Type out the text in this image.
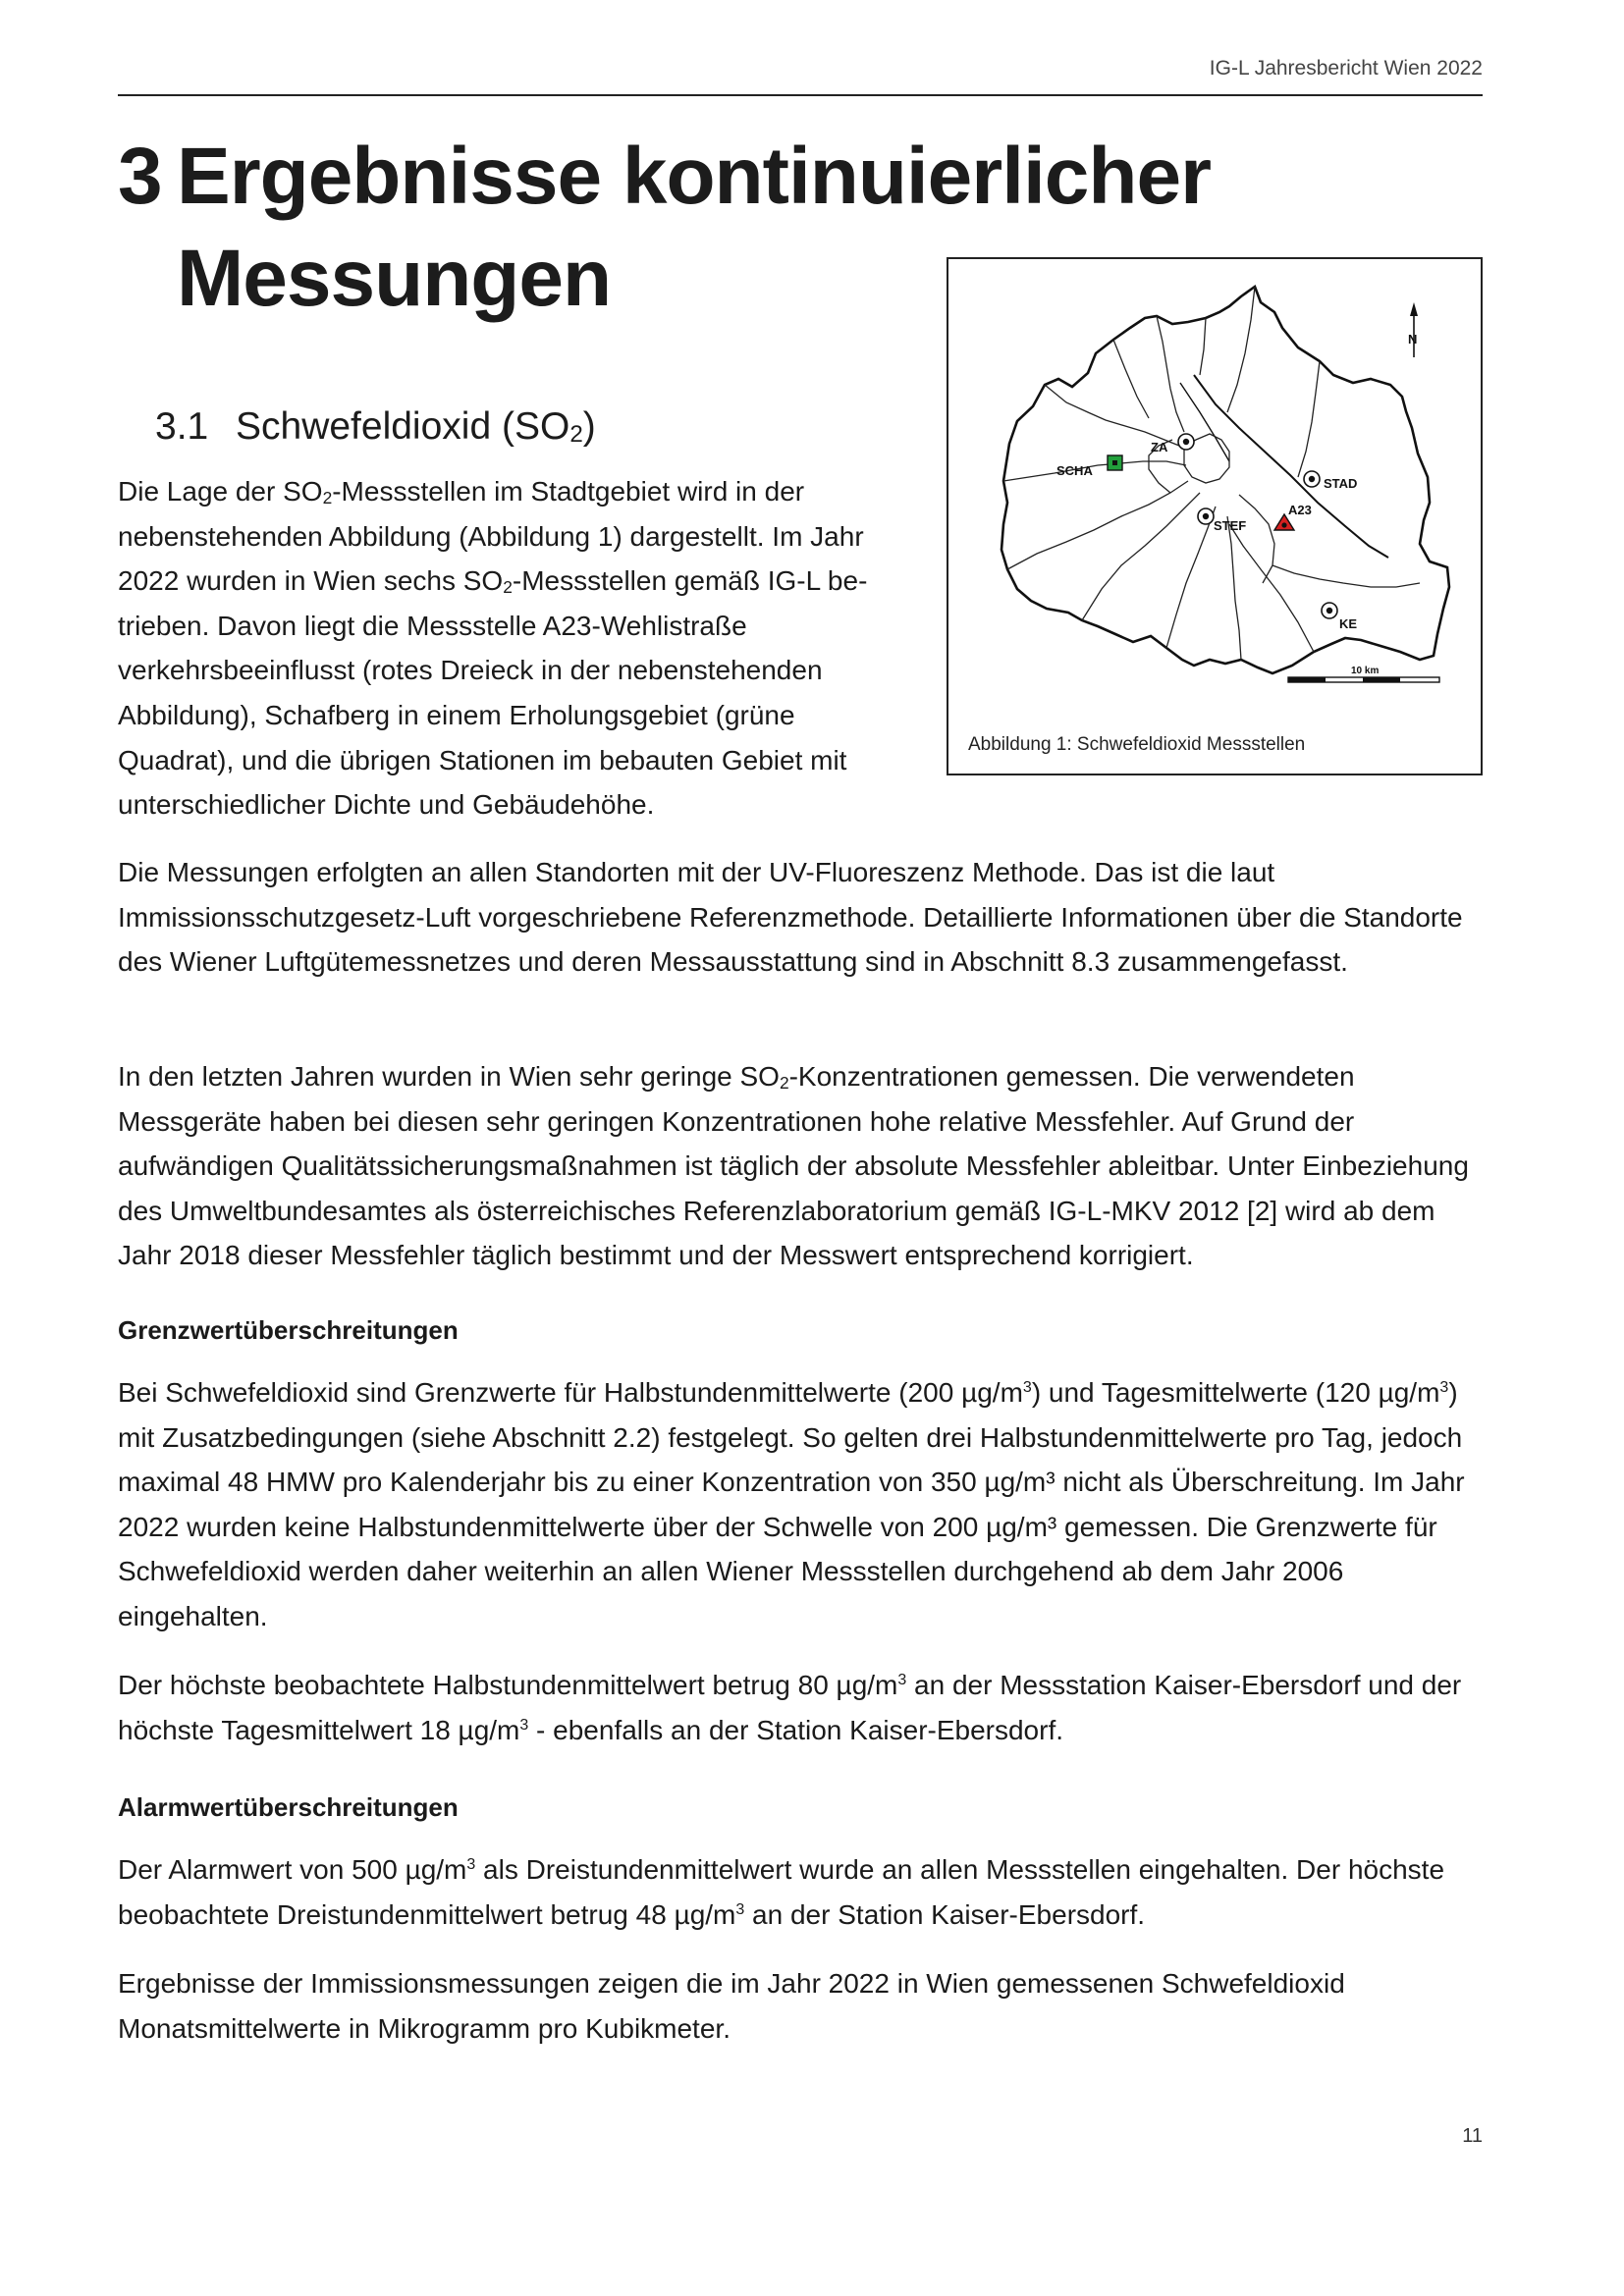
IG-L Jahresbericht Wien 2022
3 Ergebnisse kontinuierlicher
Messungen
3.1 Schwefeldioxid $(SO_2)$
Die Lage der $SO_2$-Messstellen im Stadtgebiet wird in der nebenstehenden Abbildung (Abbildung 1) dargestellt. Im Jahr 2022 wurden in Wien sechs $SO_2$-Messstellen gemäß IG-L betrieben. Davon liegt die Messstelle A23-Wehlistraße verkehrsbeeinflusst (rotes Dreieck in der nebenstehenden Abbildung), Schafberg in einem Erholungsgebiet (grüne Quadrat), und die übrigen Stationen im bebauten Gebiet mit unterschiedlicher Dichte und Gebäudehöhe.
N
10 km
ZA
SCHA
STAD
STEF
A23
KE
Abbildung 1: Schwefeldioxid Messstellen
Die Messungen erfolgten an allen Standorten mit der UV-Fluoreszenz Methode. Das ist die laut Immissionsschutzgesetz-Luft vorgeschriebene Referenzmethode. Detaillierte Informationen über die Standorte des Wiener Luftgütemessnetzes und deren Messausstattung sind in Abschnitt 8.3 zusammengefasst.
In den letzten Jahren wurden in Wien sehr geringe $SO_2$-Konzentrationen gemessen. Die verwendeten Messgeräte haben bei diesen sehr geringen Konzentrationen hohe relative Messfehler. Auf Grund der aufwändigen Qualitätssicherungsmaßnahmen ist täglich der absolute Messfehler ableitbar. Unter Einbeziehung des Umweltbundesamtes als österreichisches Referenzlaboratorium gemäß IG-L-MKV 2012 [2] wird ab dem Jahr 2018 dieser Messfehler täglich bestimmt und der Messwert entsprechend korrigiert.
Grenzwertüberschreitungen
Bei Schwefeldioxid sind Grenzwerte für Halbstundenmittelwerte (200 $\mu g/m^3$) und Tagesmittelwerte (120 $\mu g/m^3$) mit Zusatzbedingungen (siehe Abschnitt 2.2) festgelegt. So gelten drei Halbstundenmittelwerte pro Tag, jedoch maximal 48 HMW pro Kalenderjahr bis zu einer Konzentration von 350 µg/m³ nicht als Überschreitung. Im Jahr 2022 wurden keine Halbstundenmittelwerte über der Schwelle von 200 µg/m³ gemessen. Die Grenzwerte für Schwefeldioxid werden daher weiterhin an allen Wiener Messstellen durchgehend ab dem Jahr 2006 eingehalten.
Der höchste beobachtete Halbstundenmittelwert betrug 80 $\mu g/m^3$ an der Messstation Kaiser-Ebersdorf und der höchste Tagesmittelwert 18 $\mu g/m^3$ - ebenfalls an der Station Kaiser-Ebersdorf.
Alarmwertüberschreitungen
Der Alarmwert von 500 $\mu g/m^3$ als Dreistundenmittelwert wurde an allen Messstellen eingehalten. Der höchste beobachtete Dreistundenmittelwert betrug 48 $\mu g/m^3$ an der Station Kaiser-Ebersdorf.
Ergebnisse der Immissionsmessungen zeigen die im Jahr 2022 in Wien gemessenen Schwefeldioxid Monatsmittelwerte in Mikrogramm pro Kubikmeter.
11
